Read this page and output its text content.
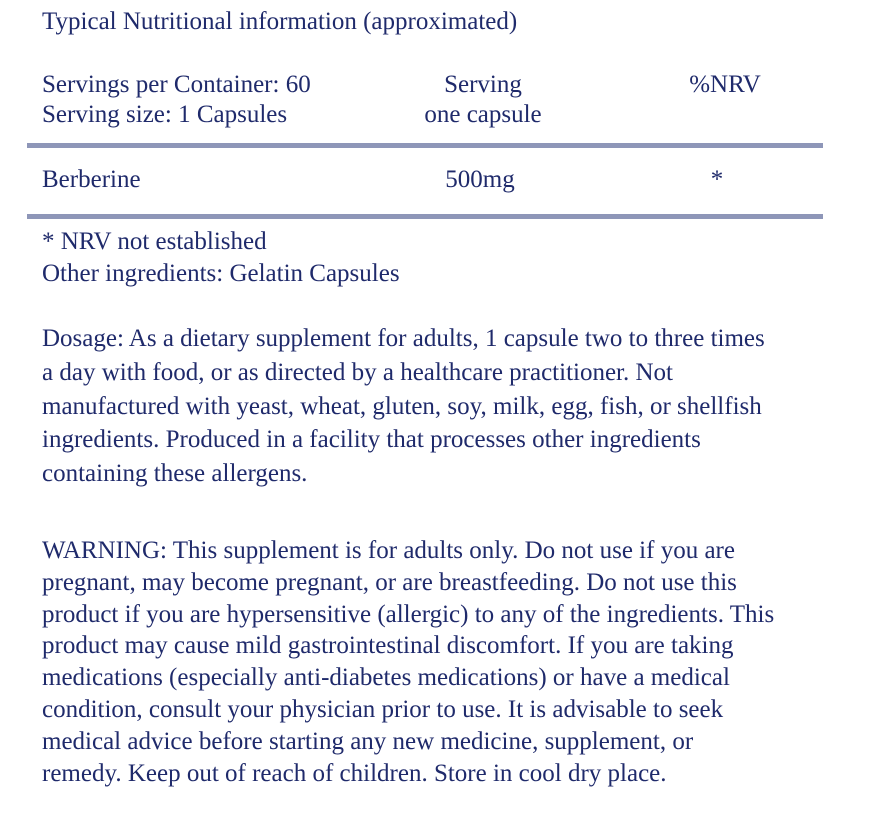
Typical Nutritional information (approximated)
Servings per Container: 60
Serving size: 1 Capsules
Serving
one capsule
%NRV
Berberine	500mg	*
* NRV not established
Other ingredients: Gelatin Capsules
Dosage: As a dietary supplement for adults, 1 capsule two to three times
a day with food, or as directed by a healthcare practitioner. Not
manufactured with yeast, wheat, gluten, soy, milk, egg, fish, or shellfish
ingredients. Produced in a facility that processes other ingredients
containing these allergens.
WARNING: This supplement is for adults only. Do not use if you are
pregnant, may become pregnant, or are breastfeeding. Do not use this
product if you are hypersensitive (allergic) to any of the ingredients. This
product may cause mild gastrointestinal discomfort. If you are taking
medications (especially anti-diabetes medications) or have a medical
condition, consult your physician prior to use. It is advisable to seek
medical advice before starting any new medicine, supplement, or
remedy. Keep out of reach of children. Store in cool dry place.
